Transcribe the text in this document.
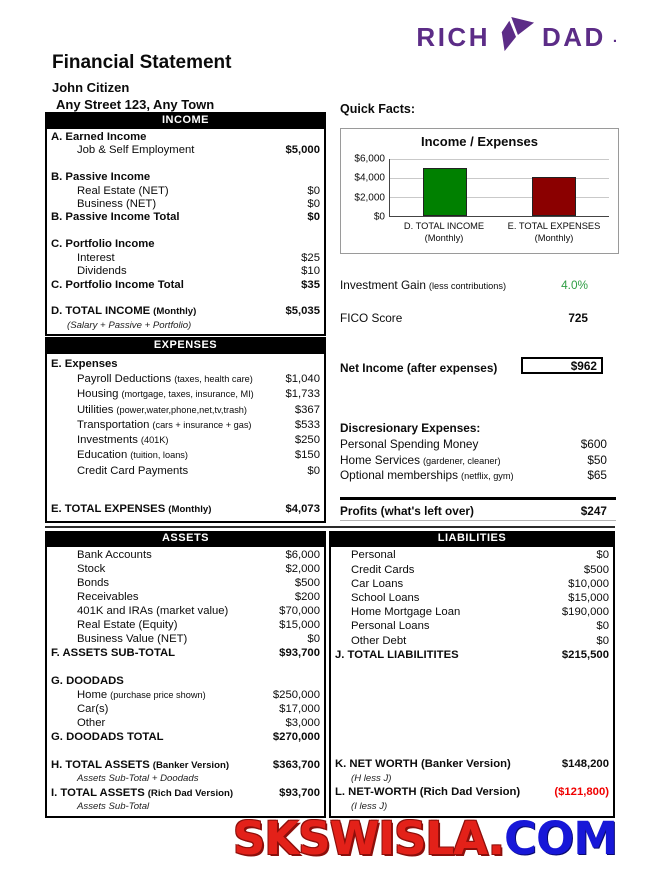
RICH DAD .
Financial Statement
John Citizen
Any Street 123, Any Town
INCOME
A. Earned Income
Job & Self Employment	$5,000
B. Passive Income
Real Estate (NET)	$0
Business (NET)	$0
B. Passive Income Total	$0
C. Portfolio Income
Interest	$25
Dividends	$10
C. Portfolio Income Total	$35
D. TOTAL INCOME (Monthly)	$5,035
(Salary + Passive + Portfolio)
EXPENSES
E. Expenses
Payroll Deductions (taxes, health care)	$1,040
Housing (mortgage, taxes, insurance, MI)	$1,733
Utilities (power,water,phone,net,tv,trash)	$367
Transportation (cars + insurance + gas)	$533
Investments (401K)	$250
Education (tuition, loans)	$150
Credit Card Payments	$0
E. TOTAL EXPENSES (Monthly)	$4,073
Quick Facts:
Income / Expenses
$6,000
$4,000
$2,000
$0
D. TOTAL INCOME
(Monthly)
E. TOTAL EXPENSES
(Monthly)
Investment Gain (less contributions)	4.0%
FICO Score	725
Net Income (after expenses)	$962
Discresionary Expenses:
Personal Spending Money	$600
Home Services (gardener, cleaner)	$50
Optional memberships (netflix, gym)	$65
Profits (what's left over)	$247
ASSETS
Bank Accounts	$6,000
Stock	$2,000
Bonds	$500
Receivables	$200
401K and IRAs (market value)	$70,000
Real Estate (Equity)	$15,000
Business Value (NET)	$0
F. ASSETS SUB-TOTAL	$93,700
G. DOODADS
Home (purchase price shown)	$250,000
Car(s)	$17,000
Other	$3,000
G. DOODADS TOTAL	$270,000
H. TOTAL ASSETS (Banker Version)	$363,700
Assets Sub-Total + Doodads
I. TOTAL ASSETS (Rich Dad Version)	$93,700
Assets Sub-Total
LIABILITIES
Personal	$0
Credit Cards	$500
Car Loans	$10,000
School Loans	$15,000
Home Mortgage Loan	$190,000
Personal Loans	$0
Other Debt	$0
J. TOTAL LIABILITITES	$215,500
K. NET WORTH (Banker Version)	$148,200
(H less J)
L. NET-WORTH (Rich Dad Version)	($121,800)
(I less J)
SKSWISLA.COM
